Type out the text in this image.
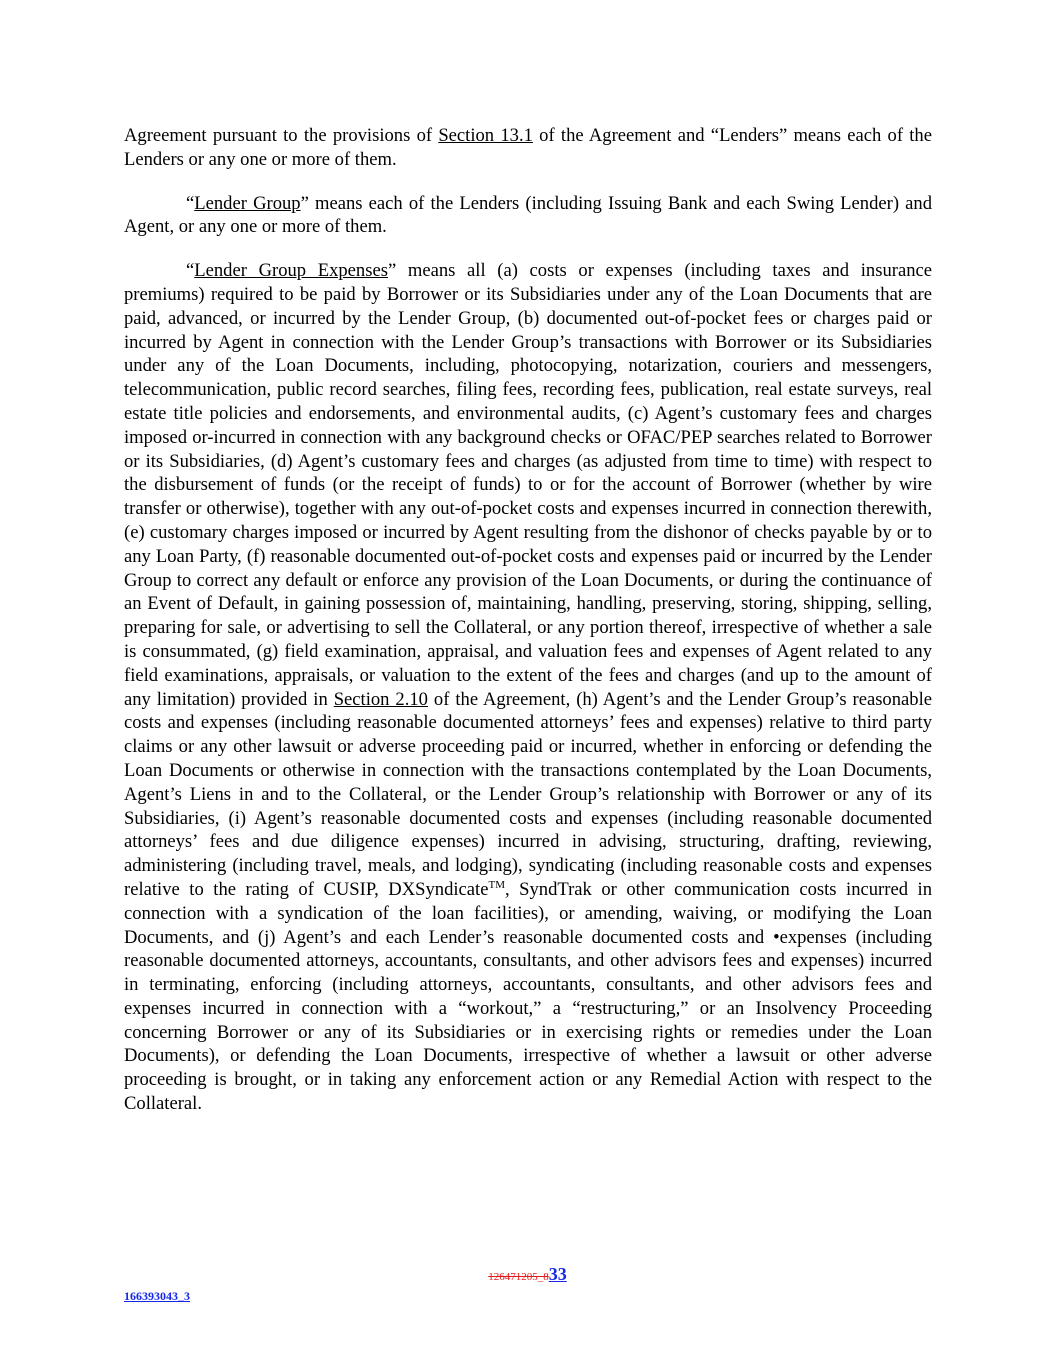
Agreement pursuant to the provisions of Section 13.1 of the Agreement and “Lenders” means each of the Lenders or any one or more of them.

“Lender Group” means each of the Lenders (including Issuing Bank and each Swing Lender) and Agent, or any one or more of them.

“Lender Group Expenses” means all (a) costs or expenses (including taxes and insurance premiums) required to be paid by Borrower or its Subsidiaries under any of the Loan Documents that are paid, advanced, or incurred by the Lender Group, (b) documented out-of-pocket fees or charges paid or incurred by Agent in connection with the Lender Group’s transactions with Borrower or its Subsidiaries under any of the Loan Documents, including, photocopying, notarization, couriers and messengers, telecommunication, public record searches, filing fees, recording fees, publication, real estate surveys, real estate title policies and endorsements, and environmental audits, (c) Agent’s customary fees and charges imposed or-incurred in connection with any background checks or OFAC/PEP searches related to Borrower or its Subsidiaries, (d) Agent’s customary fees and charges (as adjusted from time to time) with respect to the disbursement of funds (or the receipt of funds) to or for the account of Borrower (whether by wire transfer or otherwise), together with any out-of-pocket costs and expenses incurred in connection therewith, (e) customary charges imposed or incurred by Agent resulting from the dishonor of checks payable by or to any Loan Party, (f) reasonable documented out-of-pocket costs and expenses paid or incurred by the Lender Group to correct any default or enforce any provision of the Loan Documents, or during the continuance of an Event of Default, in gaining possession of, maintaining, handling, preserving, storing, shipping, selling, preparing for sale, or advertising to sell the Collateral, or any portion thereof, irrespective of whether a sale is consummated, (g) field examination, appraisal, and valuation fees and expenses of Agent related to any field examinations, appraisals, or valuation to the extent of the fees and charges (and up to the amount of any limitation) provided in Section 2.10 of the Agreement, (h) Agent’s and the Lender Group’s reasonable costs and expenses (including reasonable documented attorneys’ fees and expenses) relative to third party claims or any other lawsuit or adverse proceeding paid or incurred, whether in enforcing or defending the Loan Documents or otherwise in connection with the transactions contemplated by the Loan Documents, Agent’s Liens in and to the Collateral, or the Lender Group’s relationship with Borrower or any of its Subsidiaries, (i) Agent’s reasonable documented costs and expenses (including reasonable documented attorneys’ fees and due diligence expenses) incurred in advising, structuring, drafting, reviewing, administering (including travel, meals, and lodging), syndicating (including reasonable costs and expenses relative to the rating of CUSIP, DXSyndicate™, SyndTrak or other communication costs incurred in connection with a syndication of the loan facilities), or amending, waiving, or modifying the Loan Documents, and (j) Agent’s and each Lender’s reasonable documented costs and •expenses (including reasonable documented attorneys, accountants, consultants, and other advisors fees and expenses) incurred in terminating, enforcing (including attorneys, accountants, consultants, and other advisors fees and expenses incurred in connection with a “workout,” a “restructuring,” or an Insolvency Proceeding concerning Borrower or any of its Subsidiaries or in exercising rights or remedies under the Loan Documents), or defending the Loan Documents, irrespective of whether a lawsuit or other adverse proceeding is brought, or in taking any enforcement action or any Remedial Action with respect to the Collateral.

126471205_833
166393043_3
